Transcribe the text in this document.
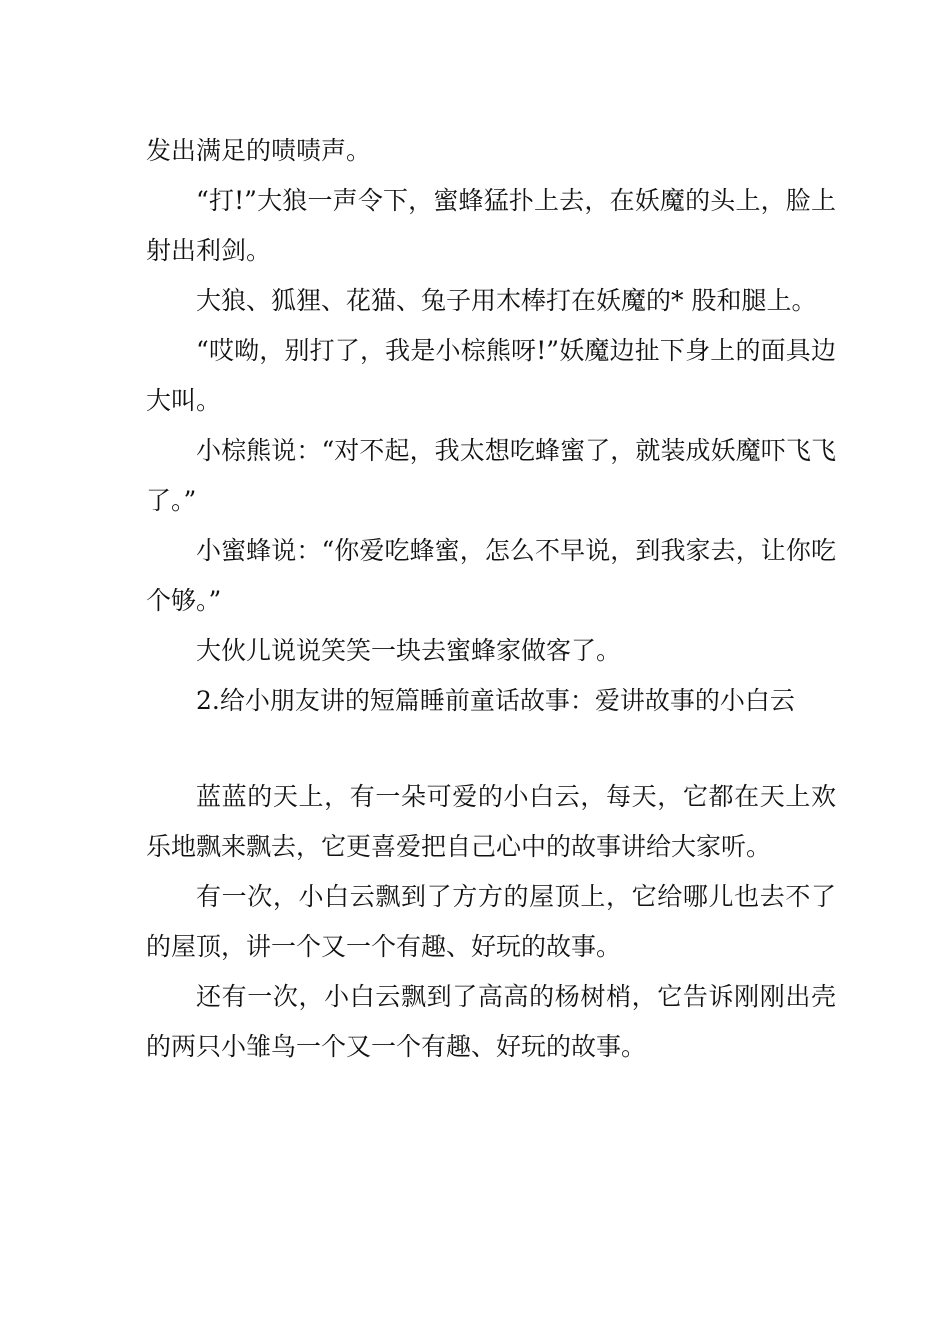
发出满足的啧啧声。

“打!”大狼一声令下，蜜蜂猛扑上去，在妖魔的头上，脸上射出利剑。

大狼、狐狸、花猫、兔子用木棒打在妖魔的* 股和腿上。

“哎呦，别打了，我是小棕熊呀!”妖魔边扯下身上的面具边大叫。

小棕熊说：“对不起，我太想吃蜂蜜了，就装成妖魔吓飞飞了。”

小蜜蜂说：“你爱吃蜂蜜，怎么不早说，到我家去，让你吃个够。”

大伙儿说说笑笑一块去蜜蜂家做客了。

2.给小朋友讲的短篇睡前童话故事：爱讲故事的小白云

蓝蓝的天上，有一朵可爱的小白云，每天，它都在天上欢乐地飘来飘去，它更喜爱把自己心中的故事讲给大家听。

有一次，小白云飘到了方方的屋顶上，它给哪儿也去不了的屋顶，讲一个又一个有趣、好玩的故事。

还有一次，小白云飘到了高高的杨树梢，它告诉刚刚出壳的两只小雏鸟一个又一个有趣、好玩的故事。
